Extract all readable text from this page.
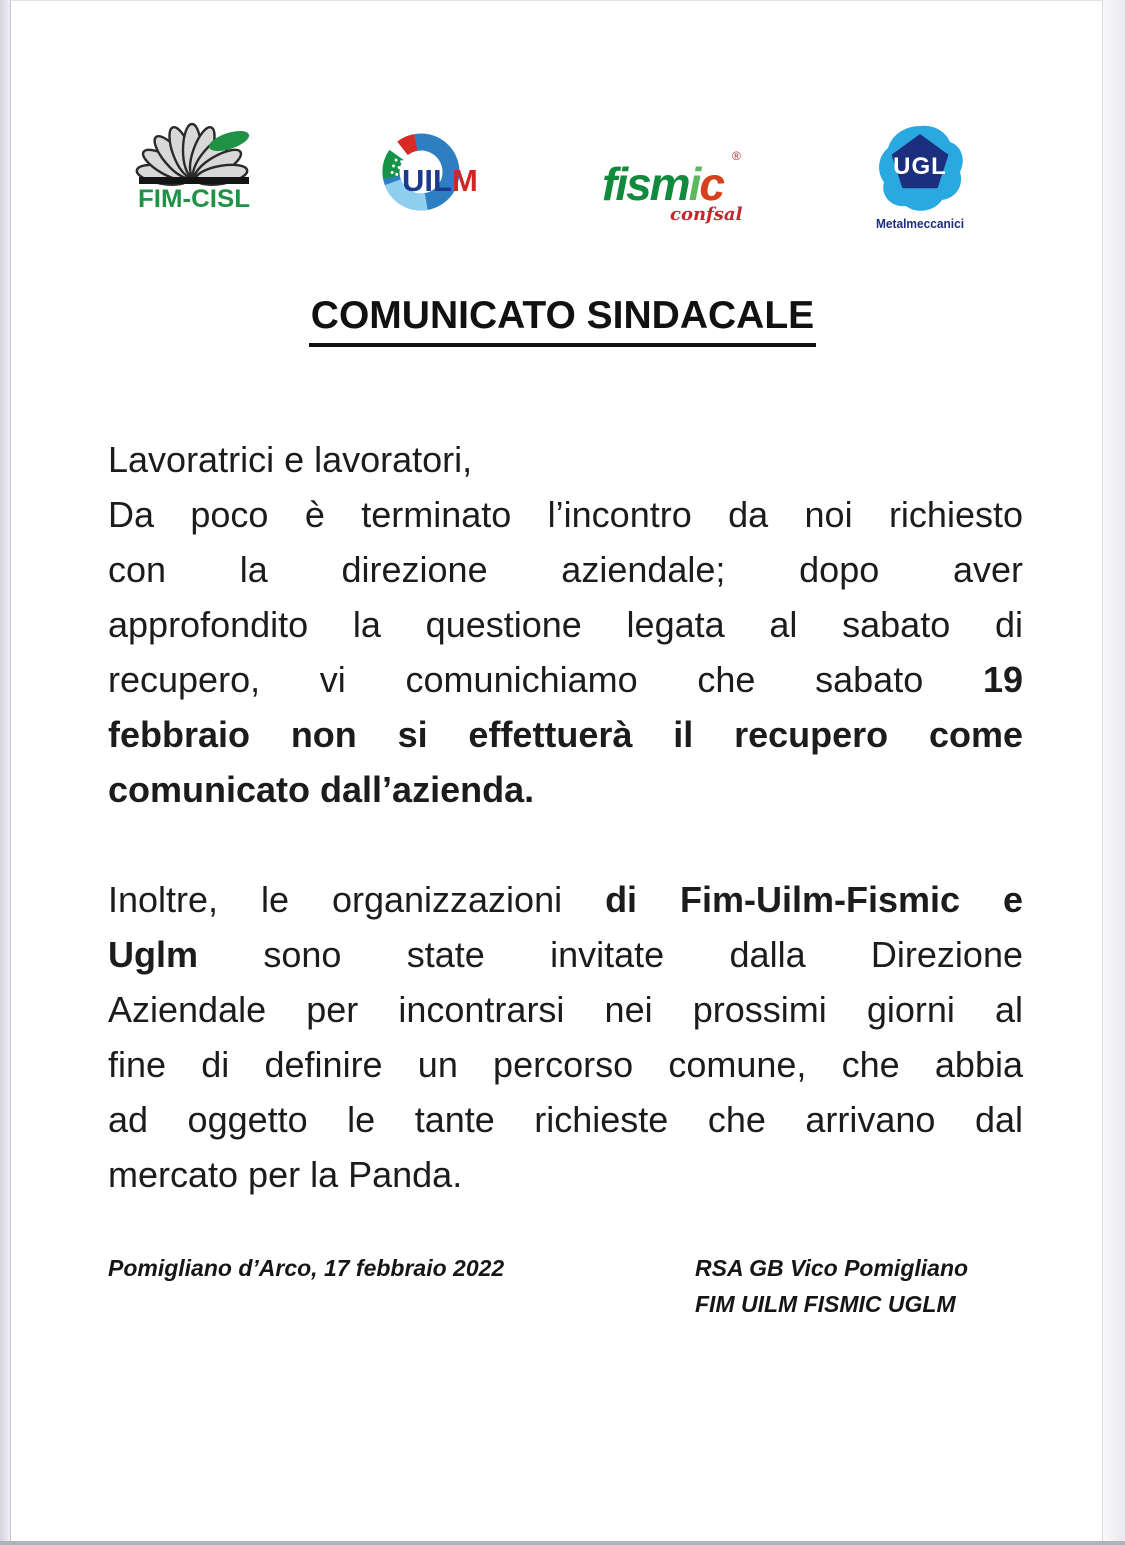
FIM-CISL
UILM	fismic
®
confsal
UGL
Metalmeccanici
COMUNICATO SINDACALE
Lavoratrici e lavoratori,
Da poco è terminato l’incontro da noi richiesto
con la direzione aziendale; dopo aver
approfondito la questione legata al sabato di
recupero, vi comunichiamo che sabato 19
febbraio non si effettuerà il recupero come
comunicato dall’azienda.
Inoltre, le organizzazioni di Fim-Uilm-Fismic e
Uglm sono state invitate dalla Direzione
Aziendale per incontrarsi nei prossimi giorni al
fine di definire un percorso comune, che abbia
ad oggetto le tante richieste che arrivano dal
mercato per la Panda.
Pomigliano d’Arco, 17 febbraio 2022	RSA GB Vico Pomigliano
FIM UILM FISMIC UGLM
